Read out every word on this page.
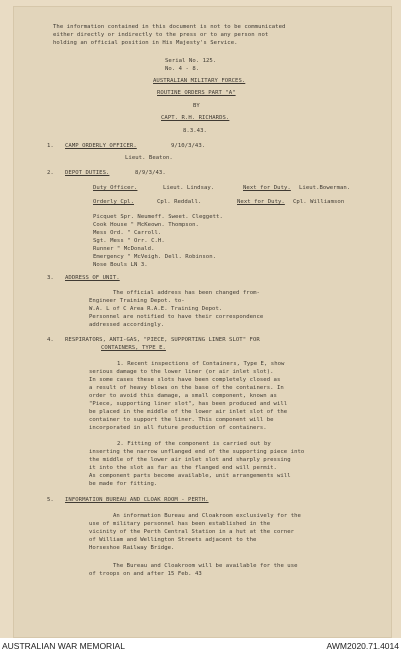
The information contained in this document is not to be communicated
either directly or indirectly to the press or to any person not
holding an official position in His Majesty's Service.
Serial No. 125.
No. 4 - 8.
AUSTRALIAN MILITARY FORCES.
ROUTINE ORDERS PART "A"
BY
CAPT. R.H. RICHARDS.
8.3.43.
1. CAMP ORDERLY OFFICER.	9/10/3/43.
Lieut. Beaton.
2. DEPOT DUTIES.	8/9/3/43.
Duty Officer.	Lieut. Lindsay.	Next for Duty. Lieut.Bowerman.
Orderly Cpl.	Cpl. Reddall.	Next for Duty. Cpl. Williamson
Picquet Spr. Neumeff. Sweet. Cleggett.
Cook House " McKeown. Thompson.
Mess Ord. " Carroll.
Sgt. Mess " Orr. C.H.
Runner " McDonald.
Emergency " McVeigh. Dell. Robinson.
Nose Bouls LN 3.
3. ADDRESS OF UNIT.
The official address has been changed from-
Engineer Training Depot. to-
W.A. L of C Area R.A.E. Training Depot.
Personnel are notified to have their correspondence
addressed accordingly.
4. RESPIRATORS, ANTI-GAS, "PIECE, SUPPORTING LINER SLOT" FOR
CONTAINERS, TYPE E.
1. Recent inspections of Containers, Type E, show
serious damage to the lower liner (or air inlet slot).
In some cases these slots have been completely closed as
a result of heavy blows on the base of the containers. In
order to avoid this damage, a small component, known as
"Piece, supporting liner slot", has been produced and will
be placed in the middle of the lower air inlet slot of the
container to support the liner. This component will be
incorporated in all future production of containers.
2. Fitting of the component is carried out by
inserting the narrow unflanged end of the supporting piece into
the middle of the lower air inlet slot and sharply pressing
it into the slot as far as the flanged end will permit.
As component parts become available, unit arrangements will
be made for fitting.
5. INFORMATION BUREAU AND CLOAK ROOM - PERTH.
An information Bureau and Cloakroom exclusively for the
use of military personnel has been established in the
vicinity of the Perth Central Station in a hut at the corner
of William and Wellington Streets adjacent to the
Horseshoe Railway Bridge.
The Bureau and Cloakroom will be available for the use
of troops on and after 15 Feb. 43
AUSTRALIAN WAR MEMORIAL	AWM2020.71.4014
